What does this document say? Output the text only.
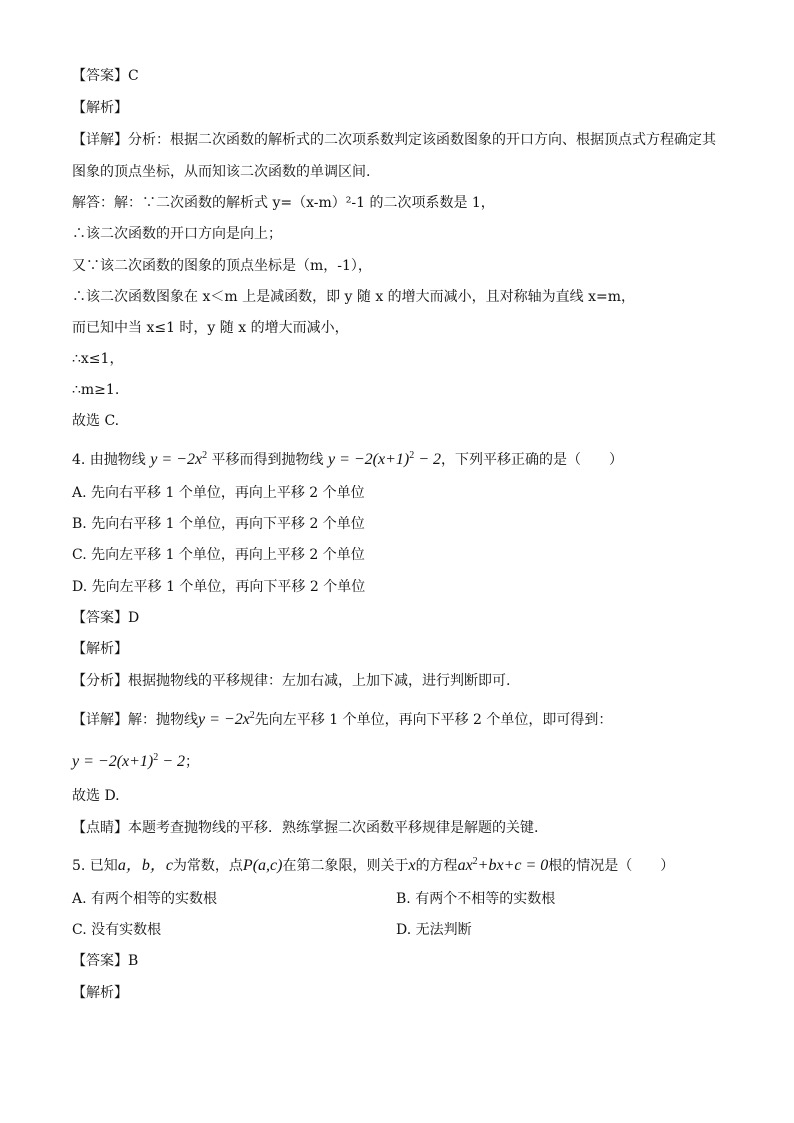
【答案】C
【解析】
【详解】分析：根据二次函数的解析式的二次项系数判定该函数图象的开口方向、根据顶点式方程确定其
图象的顶点坐标，从而知该二次函数的单调区间.
解答：解：∵二次函数的解析式 y=（x-m）²-1 的二次项系数是 1，
∴该二次函数的开口方向是向上；
又∵该二次函数的图象的顶点坐标是（m，-1），
∴该二次函数图象在 x＜m 上是减函数，即 y 随 x 的增大而减小，且对称轴为直线 x=m，
而已知中当 x≤1 时，y 随 x 的增大而减小，
∴x≤1，
∴m≥1.
故选 C.
4. 由抛物线 $y = -2x^2$ 平移而得到抛物线 $y = -2(x+1)^2 - 2$，下列平移正确的是（　　）
A. 先向右平移 1 个单位，再向上平移 2 个单位
B. 先向右平移 1 个单位，再向下平移 2 个单位
C. 先向左平移 1 个单位，再向上平移 2 个单位
D. 先向左平移 1 个单位，再向下平移 2 个单位
【答案】D
【解析】
【分析】根据抛物线的平移规律：左加右减，上加下减，进行判断即可.
【详解】解：抛物线$y = -2x^2$先向左平移 1 个单位，再向下平移 2 个单位，即可得到：
$y = -2(x+1)^2 - 2$；
故选 D.
【点睛】本题考查抛物线的平移．熟练掌握二次函数平移规律是解题的关键.
5. 已知a，b，c为常数，点P(a,c)在第二象限，则关于x的方程$ax^2+bx+c = 0$根的情况是（　　）
A. 有两个相等的实数根	B. 有两个不相等的实数根
C. 没有实数根	D. 无法判断
【答案】B
【解析】
